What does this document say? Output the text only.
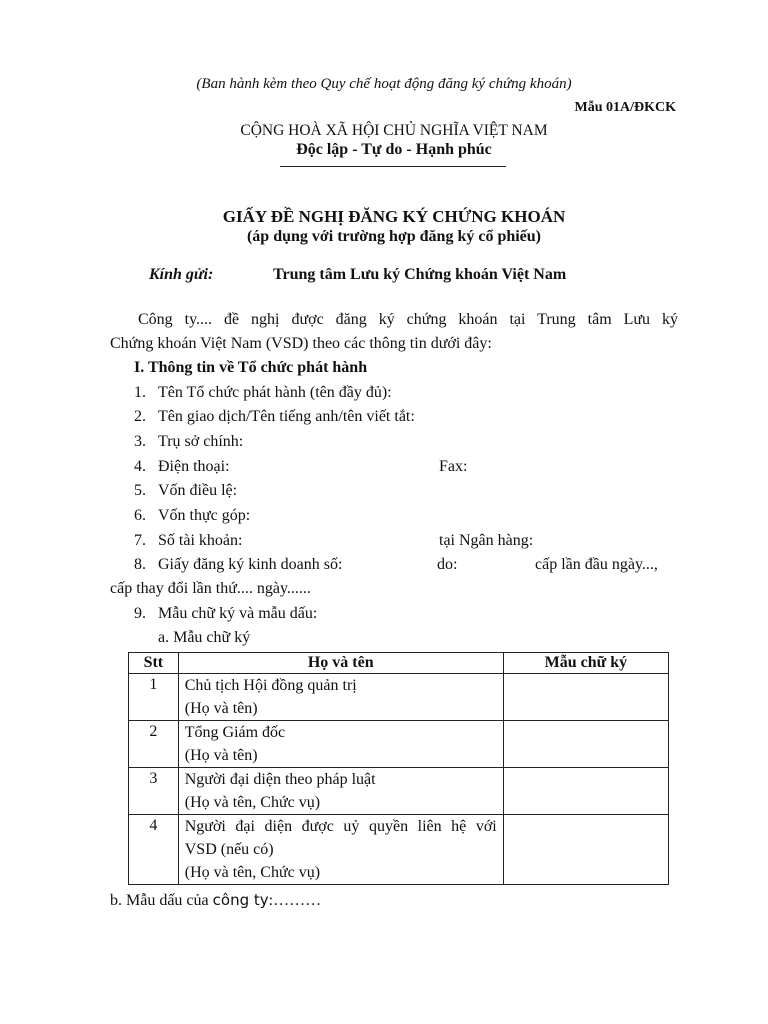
(Ban hành kèm theo Quy chế hoạt động đăng ký chứng khoán)
Mẫu 01A/ĐKCK
CỘNG HOÀ XÃ HỘI CHỦ NGHĨA VIỆT NAM
Độc lập - Tự do - Hạnh phúc
GIẤY ĐỀ NGHỊ ĐĂNG KÝ CHỨNG KHOÁN
(áp dụng với trường hợp đăng ký cổ phiếu)
Kính gửi:	Trung tâm Lưu ký Chứng khoán Việt Nam
Công ty.... đề nghị được đăng ký chứng khoán tại Trung tâm Lưu ký
Chứng khoán Việt Nam (VSD) theo các thông tin dưới đây:
I. Thông tin về Tổ chức phát hành
1. Tên Tổ chức phát hành (tên đầy đủ):
2. Tên giao dịch/Tên tiếng anh/tên viết tắt:
3. Trụ sở chính:
4. Điện thoại:	Fax:
5. Vốn điều lệ:
6. Vốn thực góp:
7. Số tài khoản:	tại Ngân hàng:
8. Giấy đăng ký kinh doanh số:	do:	cấp lần đầu ngày...,
cấp thay đổi lần thứ.... ngày......
9. Mẫu chữ ký và mẫu dấu:
a. Mẫu chữ ký
Stt	Họ và tên	Mẫu chữ ký
1	Chủ tịch Hội đồng quản trị
(Họ và tên)	

2	Tổng Giám đốc
(Họ và tên)	

3	Người đại diện theo pháp luật
(Họ và tên, Chức vụ)	

4	Người đại diện được uỷ quyền liên hệ với
VSD (nếu có)
(Họ và tên, Chức vụ)	

b. Mẫu dấu của công ty:………
